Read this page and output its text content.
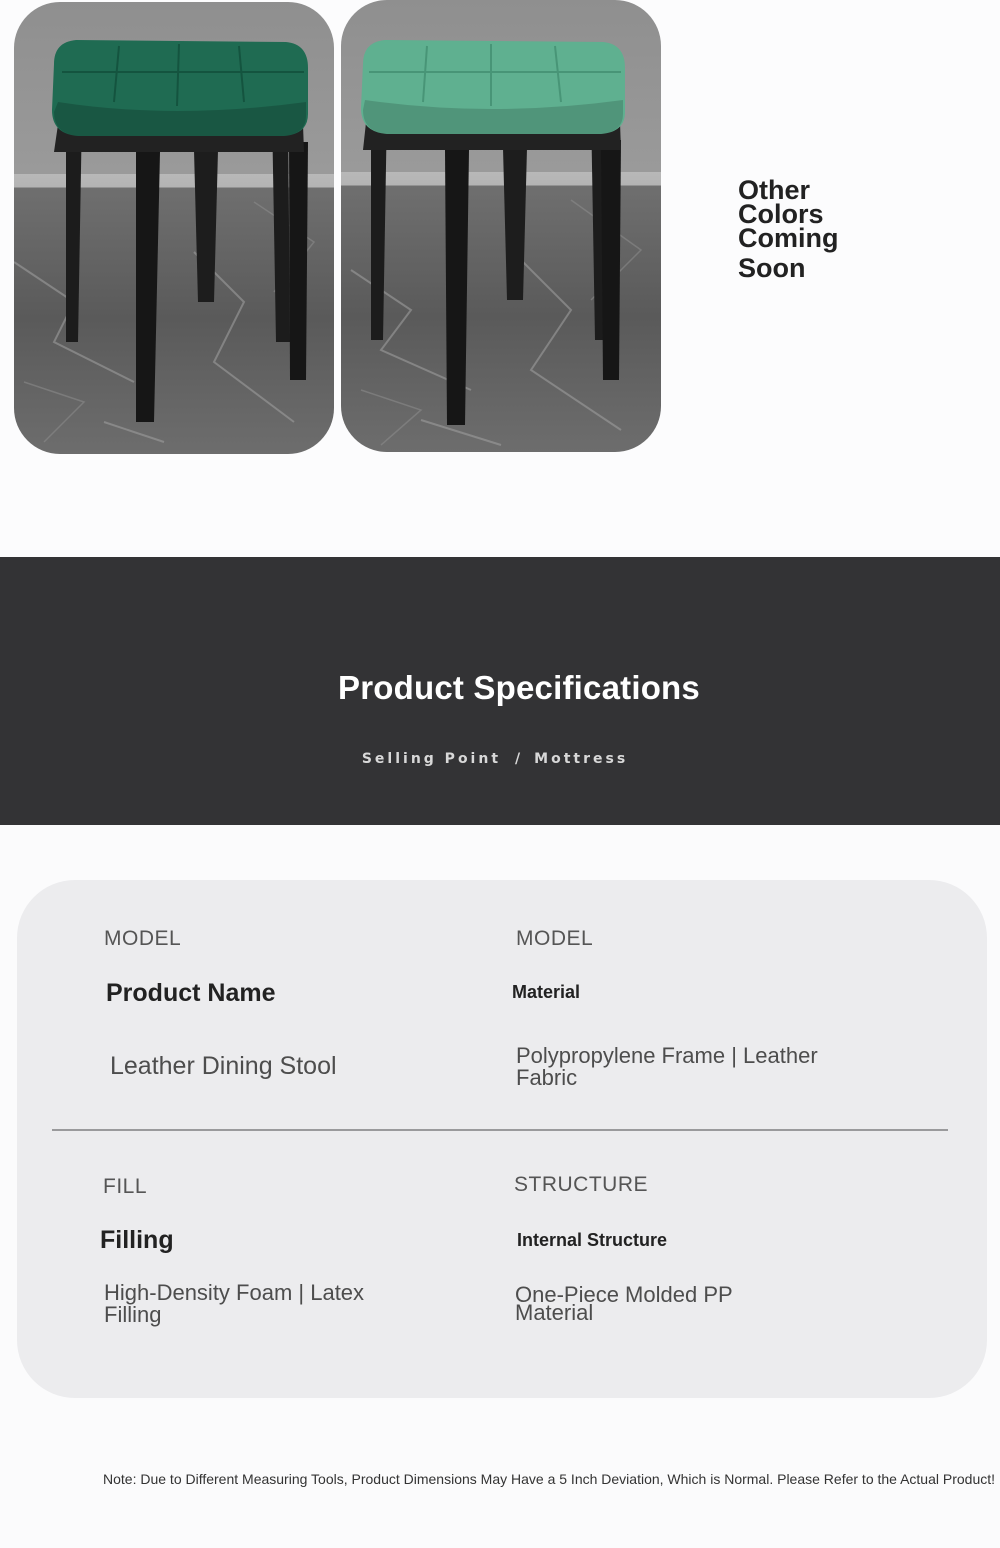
Other
Colors
Coming
Soon
Product Specifications
Selling Point / Mottress
MODEL
Product Name
Leather Dining Stool
MODEL
Material
Polypropylene Frame | Leather
Fabric
FILL
Filling
High-Density Foam | Latex
Filling
STRUCTURE
Internal Structure
One-Piece Molded PP
Material
Note: Due to Different Measuring Tools, Product Dimensions May Have a 5 Inch Deviation, Which is Normal. Please Refer to the Actual Product!
